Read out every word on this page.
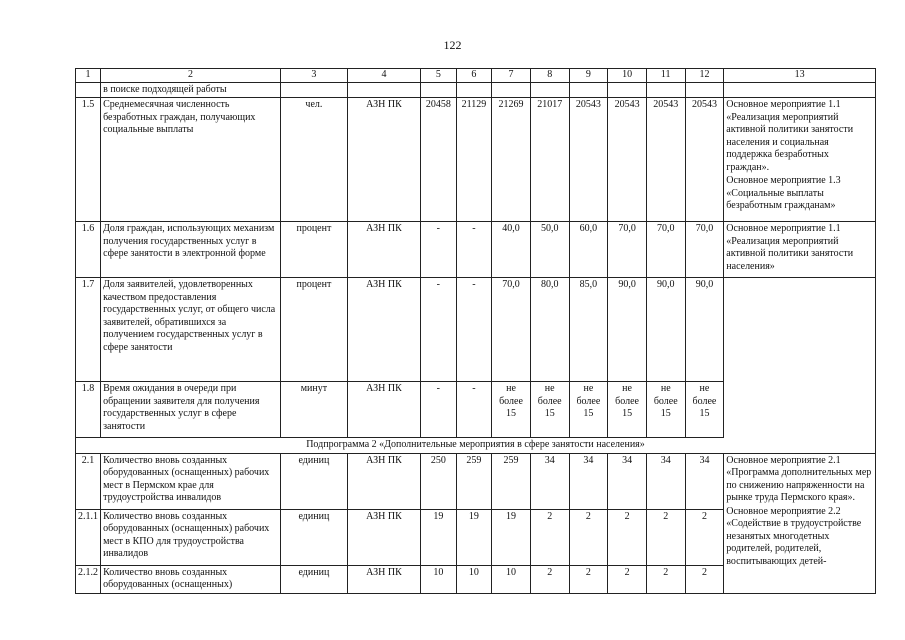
122
1	2	3	4	5	6	7	8	9	10	11	12	13
	в поиске подходящей работы											
1.5	Среднемесячная численность безработных граждан, получающих социальные выплаты	чел.	АЗН ПК	20458	21129	21269	21017	20543	20543	20543	20543	Основное мероприятие 1.1 «Реализация мероприятий активной политики занятости населения и социальная поддержка безработных граждан».

Основное мероприятие 1.3 «Социальные выплаты безработным гражданам»

1.6	Доля граждан, использующих механизм получения государственных услуг в сфере занятости в электронной форме	процент	АЗН ПК	-	-	40,0	50,0	60,0	70,0	70,0	70,0	Основное мероприятие 1.1 «Реализация мероприятий активной политики занятости населения»

1.7	Доля заявителей, удовлетворенных качеством предоставления государственных услуг, от общего числа заявителей, обратившихся за получением государственных услуг в сфере занятости	процент	АЗН ПК	-	-	70,0	80,0	85,0	90,0	90,0	90,0	
1.8	Время ожидания в очереди при обращении заявителя для получения государственных услуг в сфере занятости	минут	АЗН ПК	-	-	не более 15	не более 15	не более 15	не более 15	не более 15	не более 15	
Подпрограмма 2 «Дополнительные мероприятия в сфере занятости населения»												
2.1	Количество вновь созданных оборудованных (оснащенных) рабочих мест в Пермском крае для трудоустройства инвалидов	единиц	АЗН ПК	250	259	259	34	34	34	34	34	Основное мероприятие 2.1 «Программа дополнительных мер по снижению напряженности на рынке труда Пермского края».

Основное мероприятие 2.2 «Содействие в трудоустройстве незанятых многодетных родителей, родителей, воспитывающих детей-

2.1.1	Количество вновь созданных оборудованных (оснащенных) рабочих мест в КПО для трудоустройства инвалидов	единиц	АЗН ПК	19	19	19	2	2	2	2	2	
2.1.2	Количество вновь созданных оборудованных (оснащенных)	единиц	АЗН ПК	10	10	10	2	2	2	2	2	
